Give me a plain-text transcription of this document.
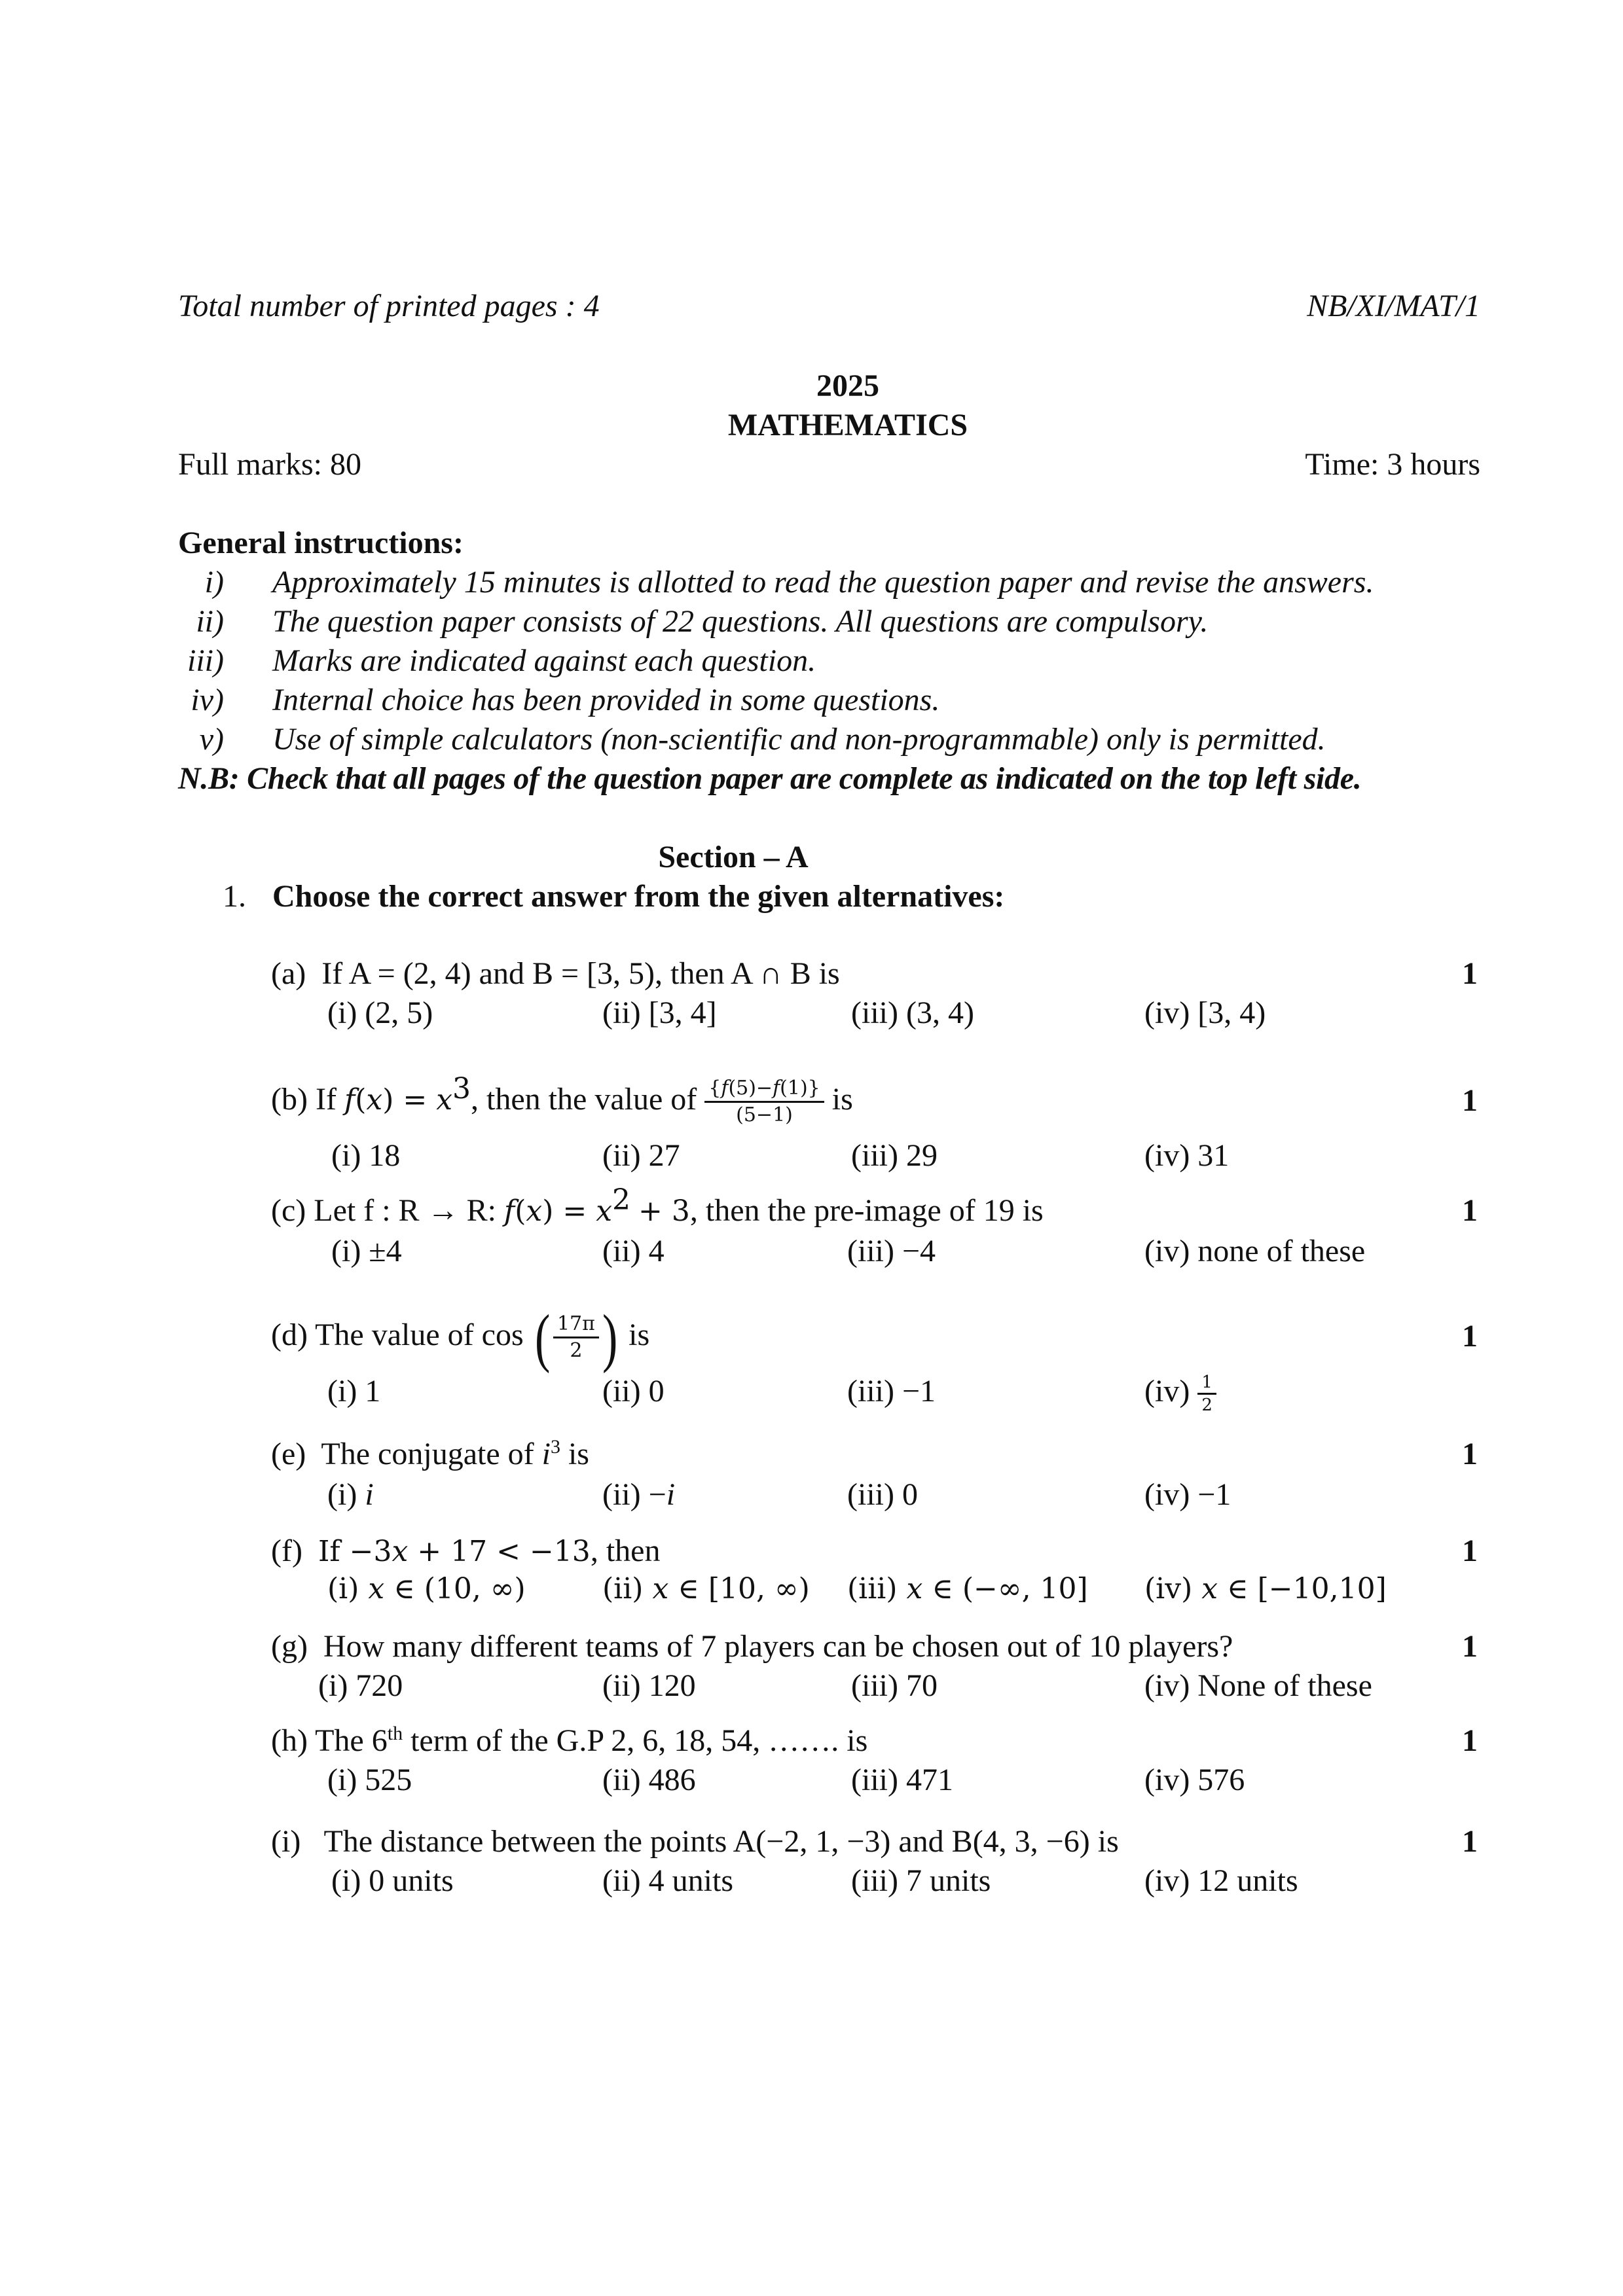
Total number of printed pages : 4	NB/XI/MAT/1
2025
MATHEMATICS
Full marks: 80	Time: 3 hours
General instructions:
i) Approximately 15 minutes is allotted to read the question paper and revise the answers.
ii) The question paper consists of 22 questions. All questions are compulsory.
iii) Marks are indicated against each question.
iv) Internal choice has been provided in some questions.
v) Use of simple calculators (non-scientific and non-programmable) only is permitted.
N.B: Check that all pages of the question paper are complete as indicated on the top left side.
Section – A
1. Choose the correct answer from the given alternatives:
(a) If A = (2, 4) and B = [3, 5), then A ∩ B is	1
(i) (2, 5)	(ii) [3, 4]	(iii) (3, 4)	(iv) [3, 4)
(b) If 𝑓(𝑥) = 𝑥$^3$, then the value of $\frac{\text{\{𝑓(5)−𝑓(1)\}}}{(5-1)}$ is	1
(i) 18	(ii) 27	(iii) 29	(iv) 31
(c) Let f : R → R: 𝑓(𝑥) = 𝑥$^2$ + 3, then the pre-image of 19 is	1
(i) ±4	(ii) 4	(iii) −4	(iv) none of these
(d) The value of cos ( $\frac{17\pi}{2}$ ) is	1
(i) 1	(ii) 0	(iii) −1	$(iv) \frac{1}{2}$
(e) The conjugate of $i^3$ is	1
(i) i	(ii) −i	(iii) 0	(iv) −1
(f) If −3𝑥 + 17 < −13, then	1
(i) 𝑥 ∈ (10, ∞)	(ii) 𝑥 ∈ [10, ∞) (iii) 𝑥 ∈ (−∞, 10] (iv) 𝑥 ∈ [−10,10]
(g) How many different teams of 7 players can be chosen out of 10 players?	1
(i) 720	(ii) 120	(iii) 70	(iv) None of these
(h) The 6th term of the G.P 2, 6, 18, 54, ……. is	1
(i) 525	(ii) 486	(iii) 471	(iv) 576
(i) The distance between the points A(−2, 1, −3) and B(4, 3, −6) is	1
(i) 0 units	(ii) 4 units	(iii) 7 units	(iv) 12 units
